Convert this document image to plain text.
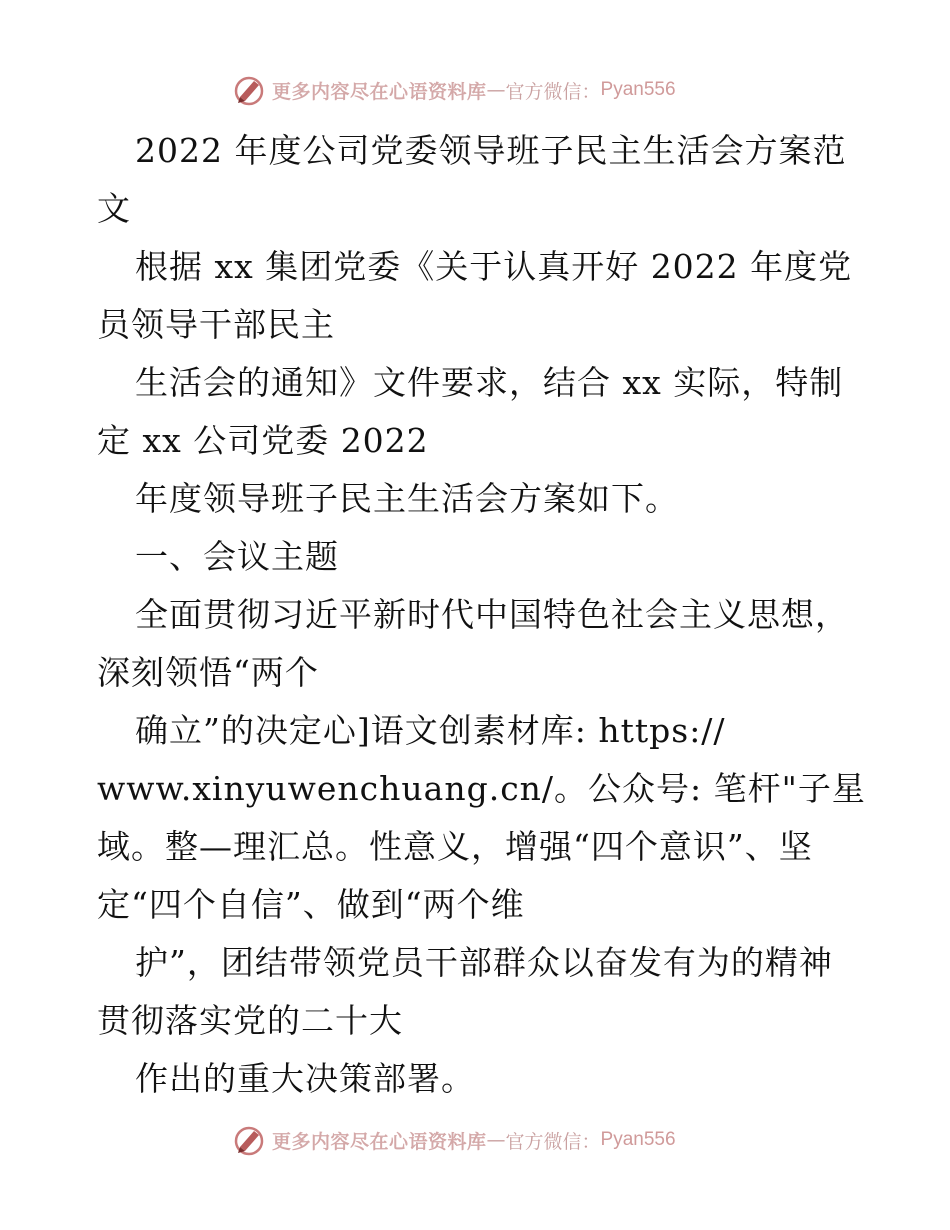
更多内容尽在心语资料库 — 官方微信： Pyan556
2022 年度公司党委领导班子民主生活会方案范
文
根据 xx 集团党委《关于认真开好 2022 年度党
员领导干部民主
生活会的通知》文件要求，结合 xx 实际，特制
定 xx 公司党委 2022
年度领导班子民主生活会方案如下。
一、会议主题
全面贯彻习近平新时代中国特色社会主义思想，
深刻领悟“两个
确立”的决定心]语文创素材库: https://
www.xinyuwenchuang.cn/。公众号: 笔杆"子星
域。整—理汇总。性意义，增强“四个意识”、坚
定“四个自信”、做到“两个维
护”，团结带领党员干部群众以奋发有为的精神
贯彻落实党的二十大
作出的重大决策部署。
更多内容尽在心语资料库 — 官方微信： Pyan556
